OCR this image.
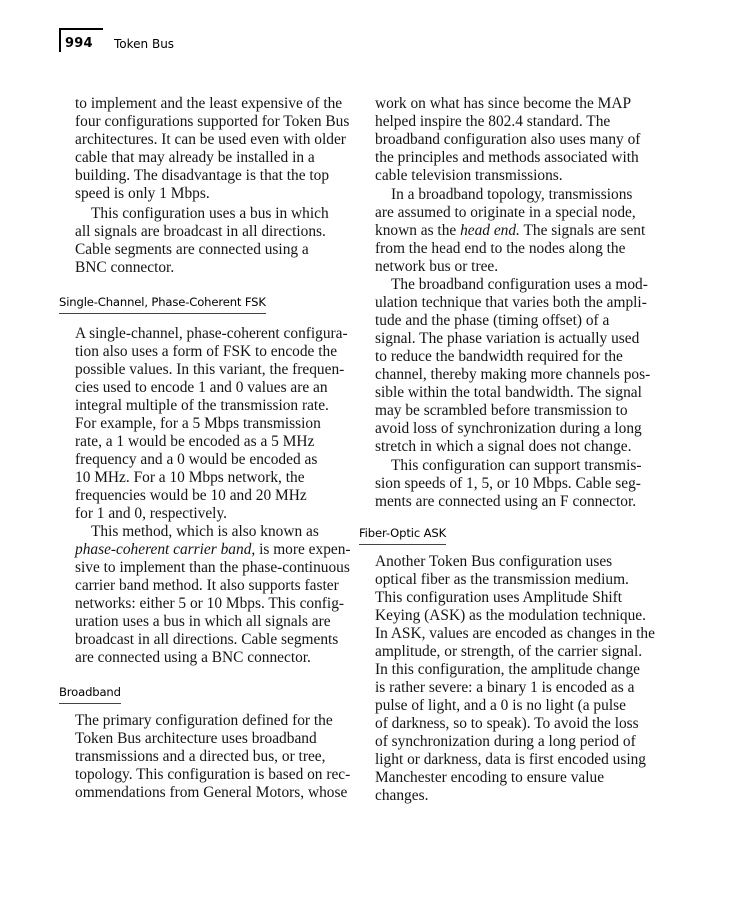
994 Token Bus
to implement and the least expensive of the
four configurations supported for Token Bus
architectures. It can be used even with older
cable that may already be installed in a
building. The disadvantage is that the top
speed is only 1 Mbps.
This configuration uses a bus in which
all signals are broadcast in all directions.
Cable segments are connected using a
BNC connector.
A single-channel, phase-coherent configura-
tion also uses a form of FSK to encode the
possible values. In this variant, the frequen-
cies used to encode 1 and 0 values are an
integral multiple of the transmission rate.
For example, for a 5 Mbps transmission
rate, a 1 would be encoded as a 5 MHz
frequency and a 0 would be encoded as
10 MHz. For a 10 Mbps network, the
frequencies would be 10 and 20 MHz
for 1 and 0, respectively.
This method, which is also known as
phase-coherent carrier band, is more expen-
sive to implement than the phase-continuous
carrier band method. It also supports faster
networks: either 5 or 10 Mbps. This config-
uration uses a bus in which all signals are
broadcast in all directions. Cable segments
are connected using a BNC connector.
The primary configuration defined for the
Token Bus architecture uses broadband
transmissions and a directed bus, or tree,
topology. This configuration is based on rec-
ommendations from General Motors, whose
Single-Channel, Phase-Coherent FSK
Broadband
work on what has since become the MAP
helped inspire the 802.4 standard. The
broadband configuration also uses many of
the principles and methods associated with
cable television transmissions.
In a broadband topology, transmissions
are assumed to originate in a special node,
known as the head end. The signals are sent
from the head end to the nodes along the
network bus or tree.
The broadband configuration uses a mod-
ulation technique that varies both the ampli-
tude and the phase (timing offset) of a
signal. The phase variation is actually used
to reduce the bandwidth required for the
channel, thereby making more channels pos-
sible within the total bandwidth. The signal
may be scrambled before transmission to
avoid loss of synchronization during a long
stretch in which a signal does not change.
This configuration can support transmis-
sion speeds of 1, 5, or 10 Mbps. Cable seg-
ments are connected using an F connector.
Another Token Bus configuration uses
optical fiber as the transmission medium.
This configuration uses Amplitude Shift
Keying (ASK) as the modulation technique.
In ASK, values are encoded as changes in the
amplitude, or strength, of the carrier signal.
In this configuration, the amplitude change
is rather severe: a binary 1 is encoded as a
pulse of light, and a 0 is no light (a pulse
of darkness, so to speak). To avoid the loss
of synchronization during a long period of
light or darkness, data is first encoded using
Manchester encoding to ensure value
changes.
Fiber-Optic ASK
